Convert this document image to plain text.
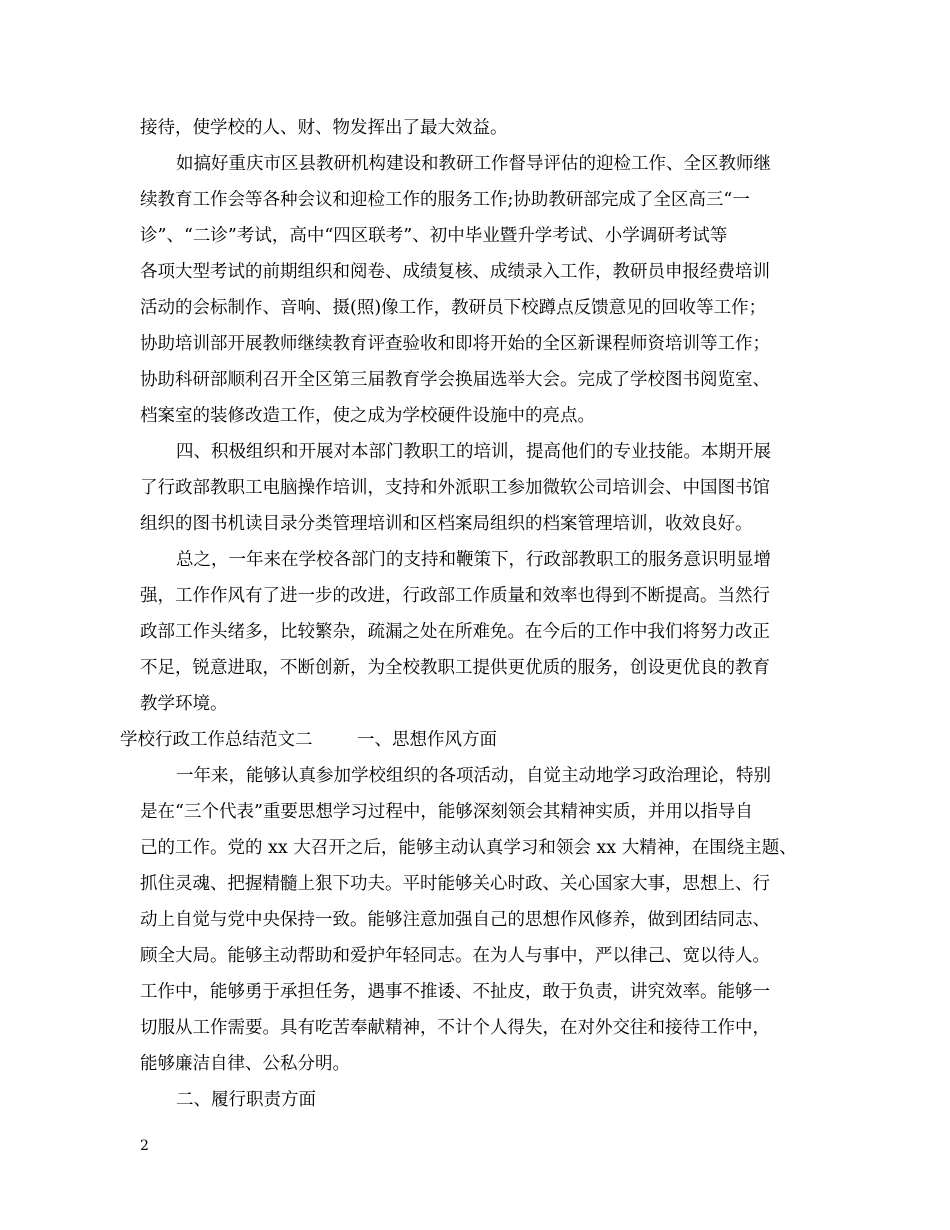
接待，使学校的人、财、物发挥出了最大效益。
如搞好重庆市区县教研机构建设和教研工作督导评估的迎检工作、全区教师继
续教育工作会等各种会议和迎检工作的服务工作;协助教研部完成了全区高三“一
诊”、“二诊”考试，高中“四区联考”、初中毕业暨升学考试、小学调研考试等
各项大型考试的前期组织和阅卷、成绩复核、成绩录入工作，教研员申报经费培训
活动的会标制作、音响、摄(照)像工作，教研员下校蹲点反馈意见的回收等工作；
协助培训部开展教师继续教育评查验收和即将开始的全区新课程师资培训等工作；
协助科研部顺利召开全区第三届教育学会换届选举大会。完成了学校图书阅览室、
档案室的装修改造工作，使之成为学校硬件设施中的亮点。
四、积极组织和开展对本部门教职工的培训，提高他们的专业技能。本期开展
了行政部教职工电脑操作培训，支持和外派职工参加微软公司培训会、中国图书馆
组织的图书机读目录分类管理培训和区档案局组织的档案管理培训，收效良好。
总之，一年来在学校各部门的支持和鞭策下，行政部教职工的服务意识明显增
强，工作作风有了进一步的改进，行政部工作质量和效率也得到不断提高。当然行
政部工作头绪多，比较繁杂，疏漏之处在所难免。在今后的工作中我们将努力改正
不足，锐意进取，不断创新，为全校教职工提供更优质的服务，创设更优良的教育
教学环境。
学校行政工作总结范文二        一、思想作风方面
一年来，能够认真参加学校组织的各项活动，自觉主动地学习政治理论，特别
是在“三个代表”重要思想学习过程中，能够深刻领会其精神实质，并用以指导自
己的工作。党的 xx 大召开之后，能够主动认真学习和领会 xx 大精神，在围绕主题、
抓住灵魂、把握精髓上狠下功夫。平时能够关心时政、关心国家大事，思想上、行
动上自觉与党中央保持一致。能够注意加强自己的思想作风修养，做到团结同志、
顾全大局。能够主动帮助和爱护年轻同志。在为人与事中，严以律己、宽以待人。
工作中，能够勇于承担任务，遇事不推诿、不扯皮，敢于负责，讲究效率。能够一
切服从工作需要。具有吃苦奉献精神，不计个人得失，在对外交往和接待工作中，
能够廉洁自律、公私分明。
二、履行职责方面
2
